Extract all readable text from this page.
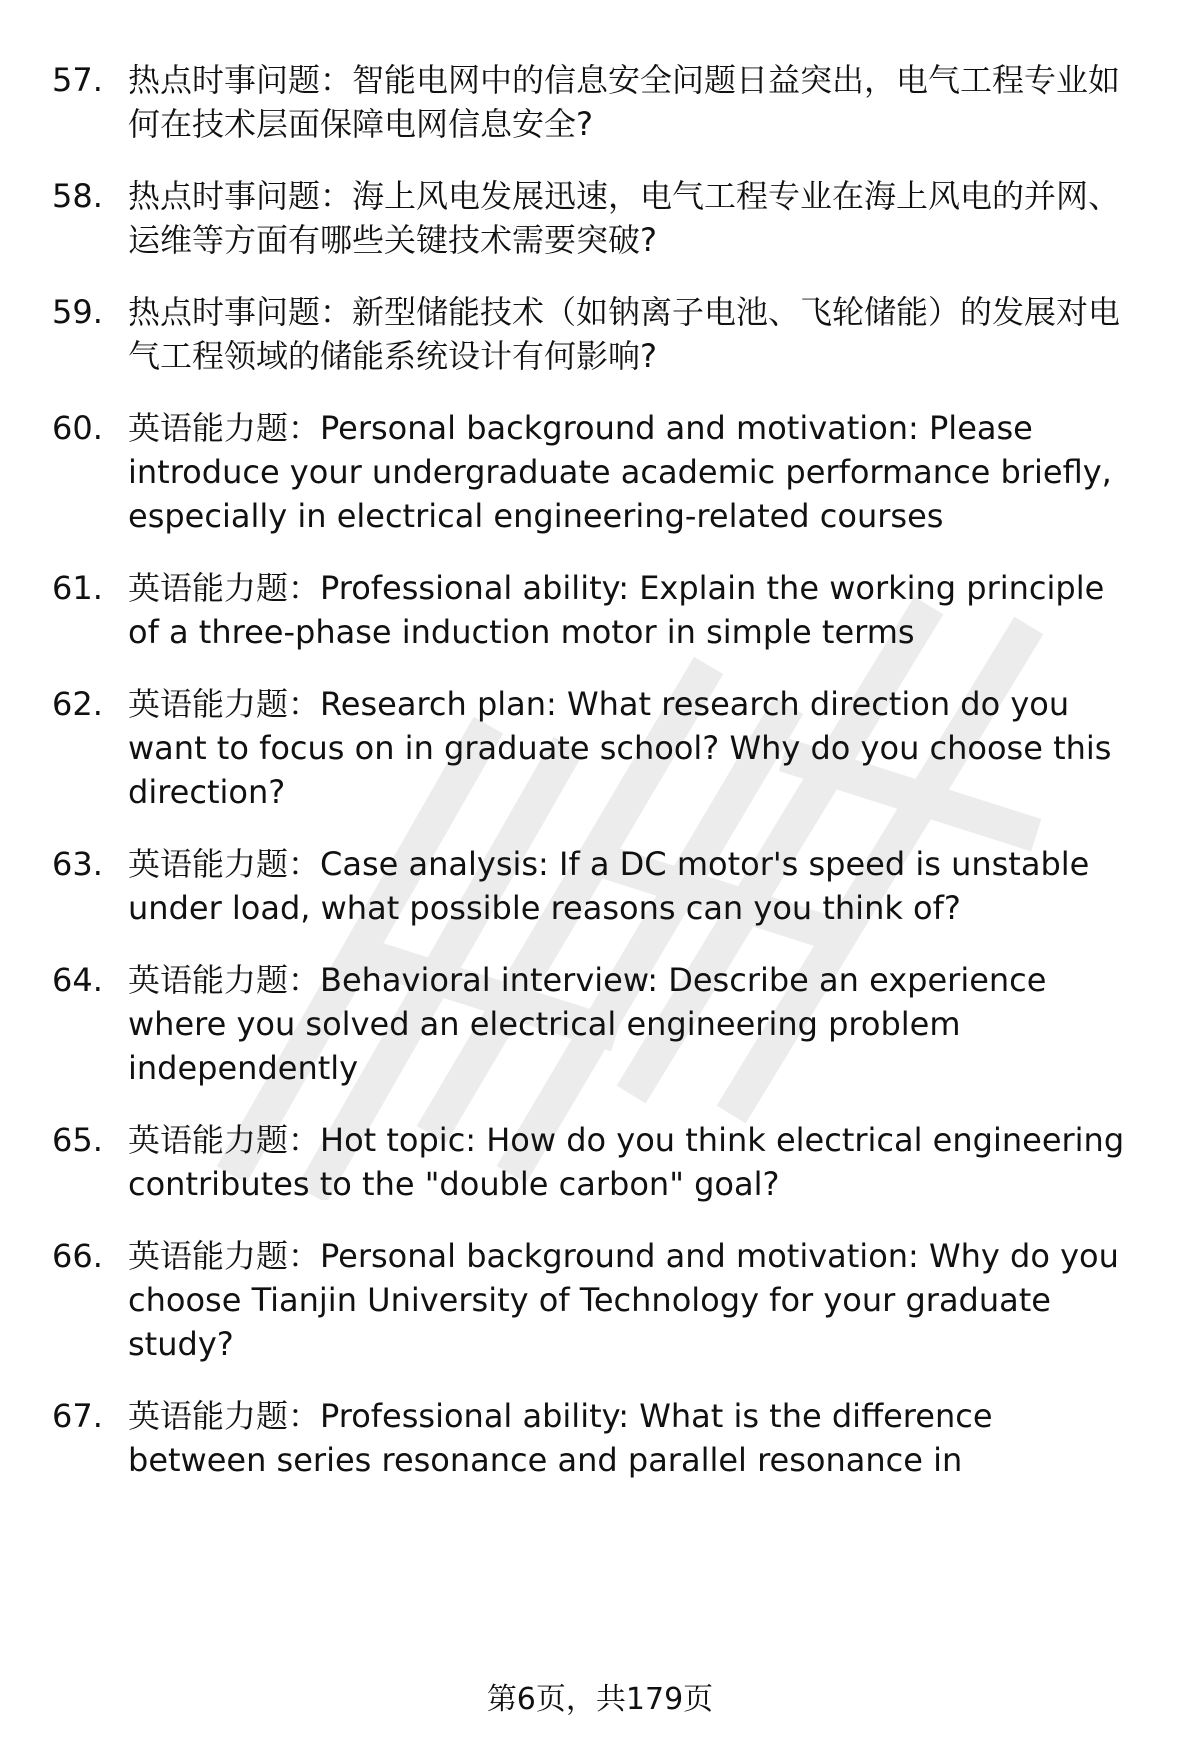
57. 热点时事问题：智能电网中的信息安全问题日益突出，电气工程专业如何在技术层面保障电网信息安全?
58. 热点时事问题：海上风电发展迅速，电气工程专业在海上风电的并网、运维等方面有哪些关键技术需要突破?
59. 热点时事问题：新型储能技术（如钠离子电池、飞轮储能）的发展对电气工程领域的储能系统设计有何影响?
60. 英语能力题：Personal background and motivation: Please introduce your undergraduate academic performance briefly, especially in electrical engineering-related courses
61. 英语能力题：Professional ability: Explain the working principle of a three-phase induction motor in simple terms
62. 英语能力题：Research plan: What research direction do you want to focus on in graduate school? Why do you choose this direction?
63. 英语能力题：Case analysis: If a DC motor's speed is unstable under load, what possible reasons can you think of?
64. 英语能力题：Behavioral interview: Describe an experience where you solved an electrical engineering problem independently
65. 英语能力题：Hot topic: How do you think electrical engineering contributes to the "double carbon" goal?
66. 英语能力题：Personal background and motivation: Why do you choose Tianjin University of Technology for your graduate study?
67. 英语能力题：Professional ability: What is the difference between series resonance and parallel resonance in
第6页，共179页
